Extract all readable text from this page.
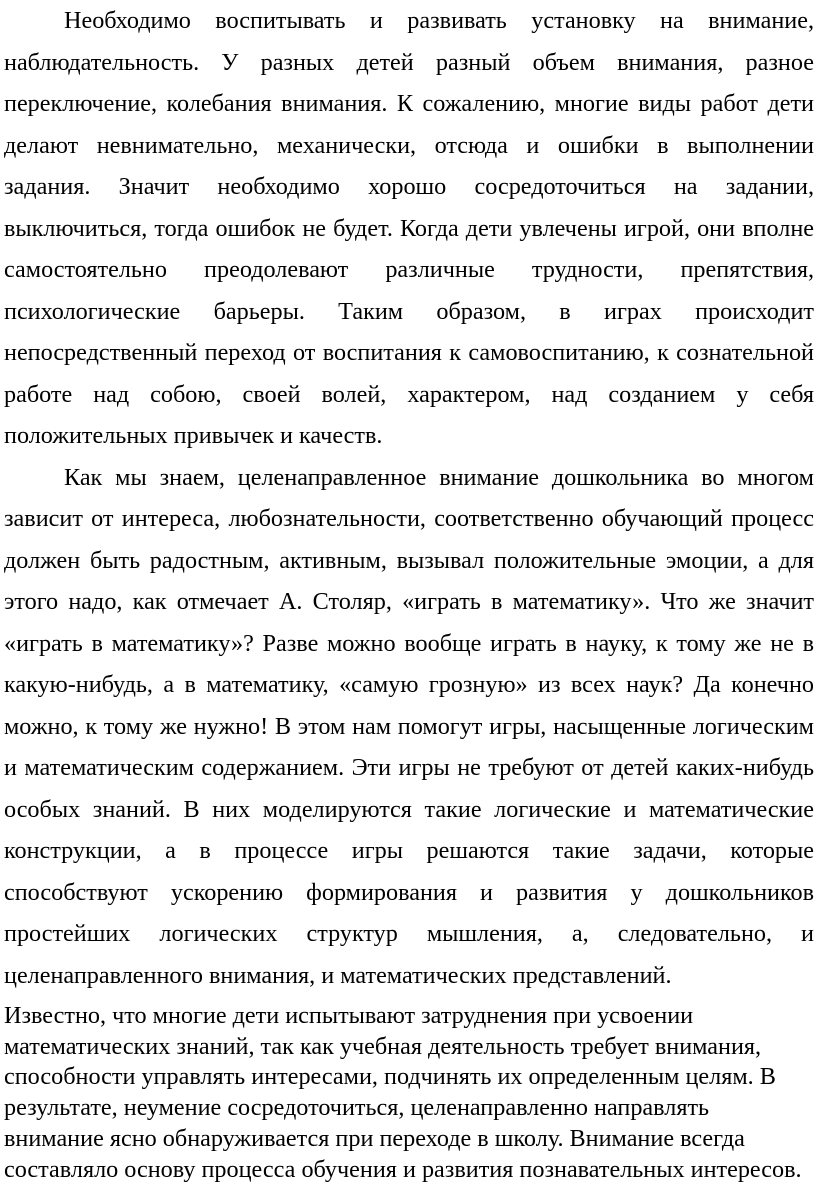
Необходимо воспитывать и развивать установку на внимание, наблюдательность. У разных детей разный объем внимания, разное переключение, колебания внимания. К сожалению, многие виды работ дети делают невнимательно, механически, отсюда и ошибки в выполнении задания. Значит необходимо хорошо сосредоточиться на задании, выключиться, тогда ошибок не будет. Когда дети увлечены игрой, они вполне самостоятельно преодолевают различные трудности, препятствия, психологические барьеры. Таким образом, в играх происходит непосредственный переход от воспитания к самовоспитанию, к сознательной работе над собою, своей волей, характером, над созданием у себя положительных привычек и качеств.

Как мы знаем, целенаправленное внимание дошкольника во многом зависит от интереса, любознательности, соответственно обучающий процесс должен быть радостным, активным, вызывал положительные эмоции, а для этого надо, как отмечает А. Столяр, «играть в математику». Что же значит «играть в математику»? Разве можно вообще играть в науку, к тому же не в какую-нибудь, а в математику, «самую грозную» из всех наук? Да конечно можно, к тому же нужно! В этом нам помогут игры, насыщенные логическим и математическим содержанием. Эти игры не требуют от детей каких-нибудь особых знаний. В них моделируются такие логические и математические конструкции, а в процессе игры решаются такие задачи, которые способствуют ускорению формирования и развития у дошкольников простейших логических структур мышления, а, следовательно, и целенаправленного внимания, и математических представлений.

Известно, что многие дети испытывают затруднения при усвоении математических знаний, так как учебная деятельность требует внимания, способности управлять интересами, подчинять их определенным целям. В результате, неумение сосредоточиться, целенаправленно направлять внимание ясно обнаруживается при переходе в школу. Внимание всегда составляло основу процесса обучения и развития познавательных интересов.
